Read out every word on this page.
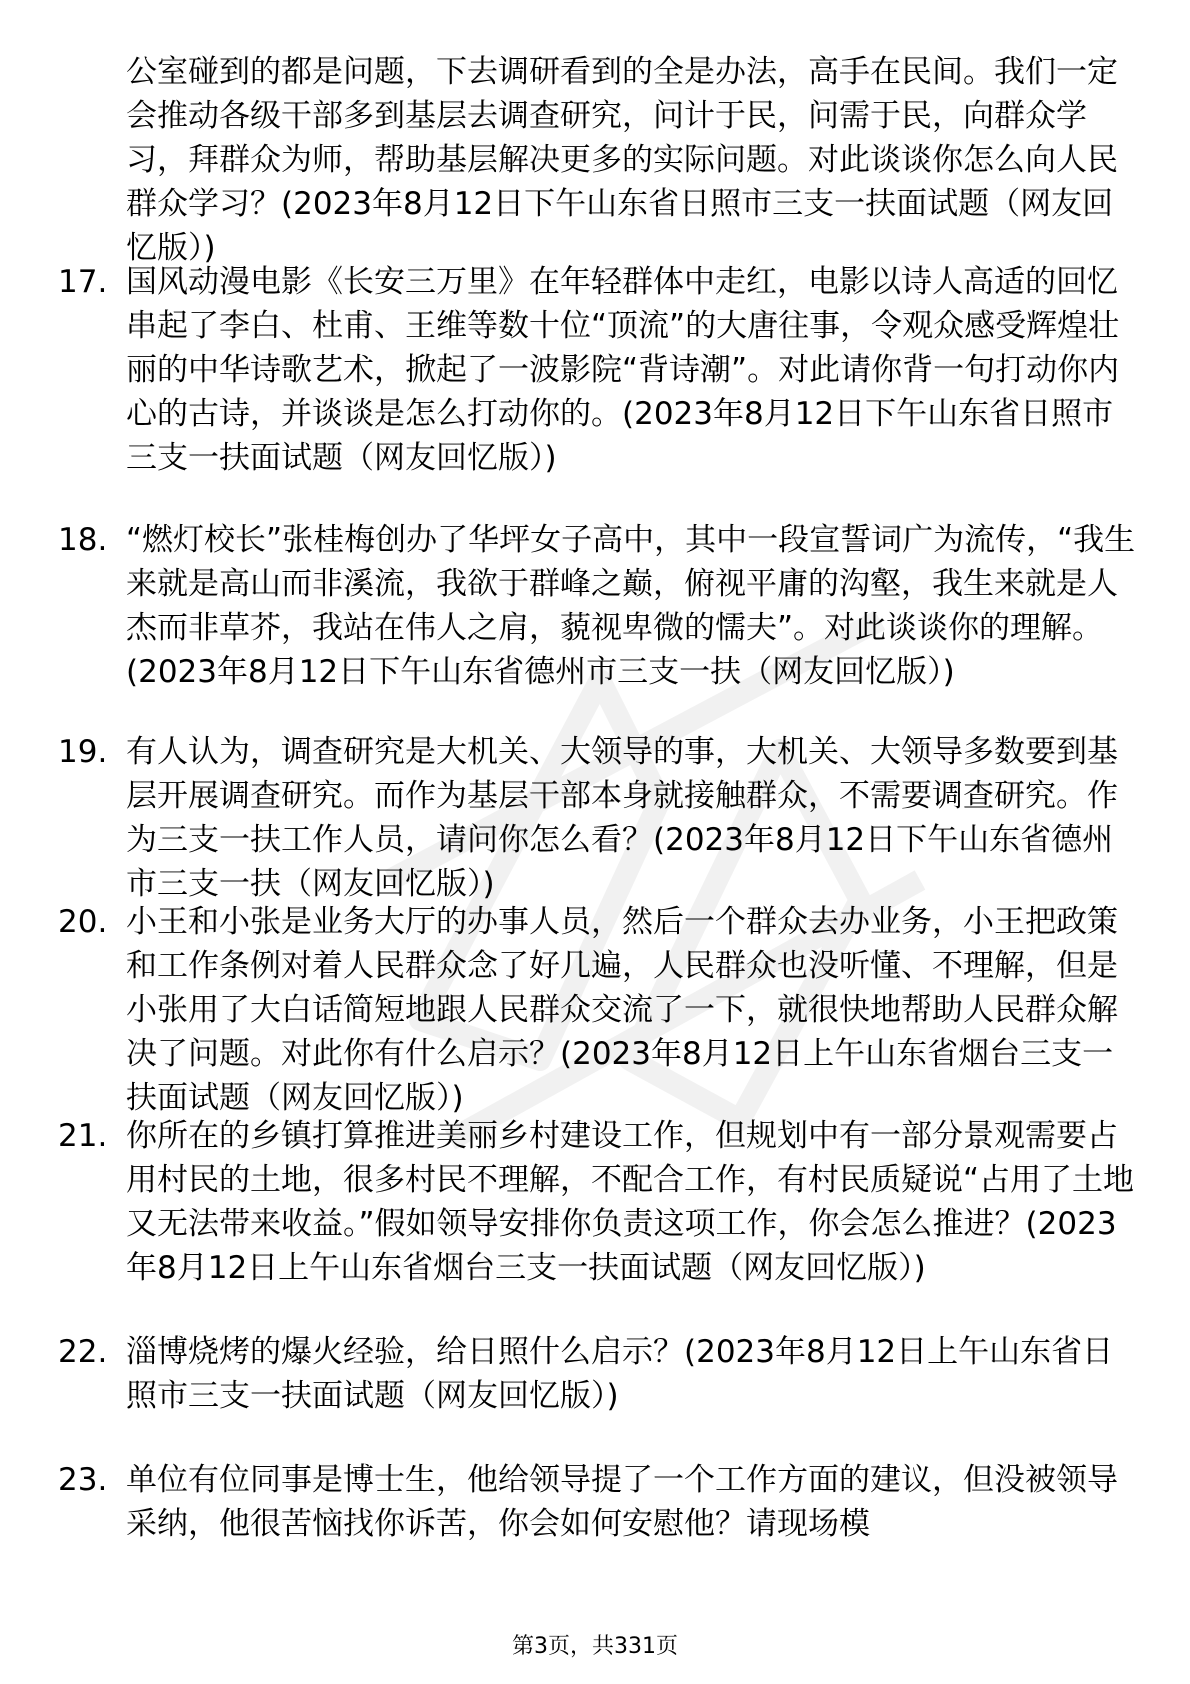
公室碰到的都是问题，下去调研看到的全是办法，高手在民间。我们一定会推动各级干部多到基层去调查研究，问计于民，问需于民，向群众学习，拜群众为师，帮助基层解决更多的实际问题。对此谈谈你怎么向人民群众学习？(2023年8月12日下午山东省日照市三支一扶面试题（网友回忆版）)
17. 国风动漫电影《长安三万里》在年轻群体中走红，电影以诗人高适的回忆串起了李白、杜甫、王维等数十位“顶流”的大唐往事，令观众感受辉煌壮丽的中华诗歌艺术，掀起了一波影院“背诗潮”。对此请你背一句打动你内心的古诗，并谈谈是怎么打动你的。(2023年8月12日下午山东省日照市三支一扶面试题（网友回忆版）)
18. “燃灯校长”张桂梅创办了华坪女子高中，其中一段宣誓词广为流传，“我生来就是高山而非溪流，我欲于群峰之巅，俯视平庸的沟壑，我生来就是人杰而非草芥，我站在伟人之肩，藐视卑微的懦夫”。对此谈谈你的理解。(2023年8月12日下午山东省德州市三支一扶（网友回忆版）)
19. 有人认为，调查研究是大机关、大领导的事，大机关、大领导多数要到基层开展调查研究。而作为基层干部本身就接触群众，不需要调查研究。作为三支一扶工作人员，请问你怎么看？(2023年8月12日下午山东省德州市三支一扶（网友回忆版）)
20. 小王和小张是业务大厅的办事人员，然后一个群众去办业务，小王把政策和工作条例对着人民群众念了好几遍，人民群众也没听懂、不理解，但是小张用了大白话简短地跟人民群众交流了一下，就很快地帮助人民群众解决了问题。对此你有什么启示？(2023年8月12日上午山东省烟台三支一扶面试题（网友回忆版）)
21. 你所在的乡镇打算推进美丽乡村建设工作，但规划中有一部分景观需要占用村民的土地，很多村民不理解，不配合工作，有村民质疑说“占用了土地又无法带来收益。”假如领导安排你负责这项工作，你会怎么推进？(2023年8月12日上午山东省烟台三支一扶面试题（网友回忆版）)
22. 淄博烧烤的爆火经验，给日照什么启示？(2023年8月12日上午山东省日照市三支一扶面试题（网友回忆版）)
23. 单位有位同事是博士生，他给领导提了一个工作方面的建议，但没被领导采纳，他很苦恼找你诉苦，你会如何安慰他？请现场模
第3页，共331页
